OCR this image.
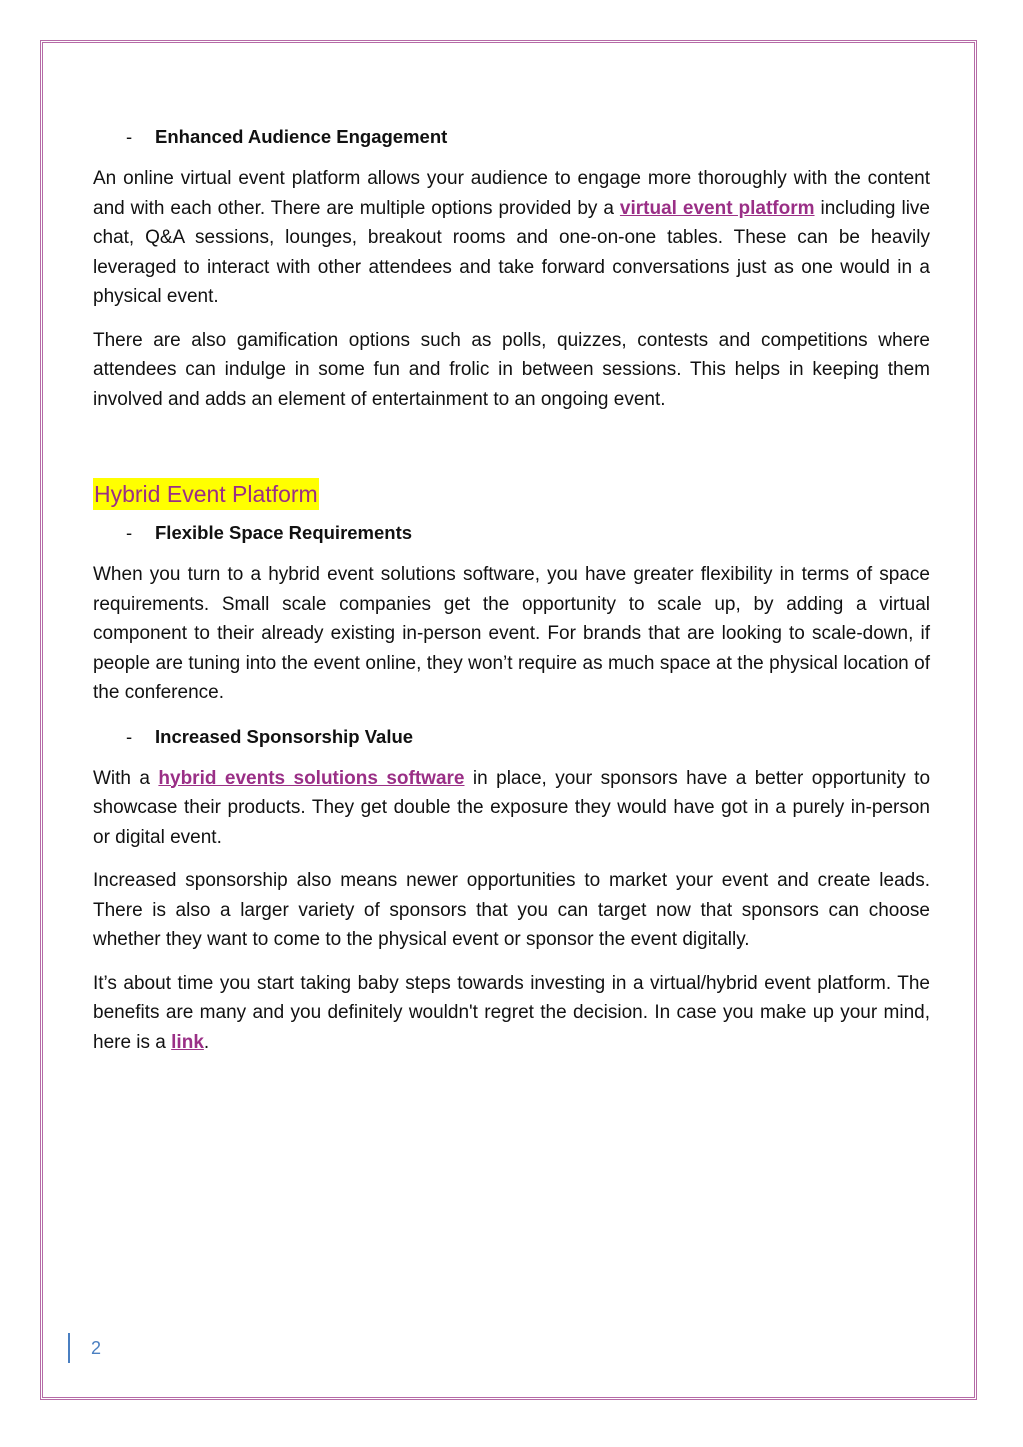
- Enhanced Audience Engagement

An online virtual event platform allows your audience to engage more thoroughly with the content and with each other. There are multiple options provided by a virtual event platform including live chat, Q&A sessions, lounges, breakout rooms and one-on-one tables. These can be heavily leveraged to interact with other attendees and take forward conversations just as one would in a physical event.

There are also gamification options such as polls, quizzes, contests and competitions where attendees can indulge in some fun and frolic in between sessions. This helps in keeping them involved and adds an element of entertainment to an ongoing event.

Hybrid Event Platform
- Flexible Space Requirements

When you turn to a hybrid event solutions software, you have greater flexibility in terms of space requirements. Small scale companies get the opportunity to scale up, by adding a virtual component to their already existing in-person event. For brands that are looking to scale-down, if people are tuning into the event online, they won’t require as much space at the physical location of the conference.

- Increased Sponsorship Value

With a hybrid events solutions software in place, your sponsors have a better opportunity to showcase their products. They get double the exposure they would have got in a purely in-person or digital event.

Increased sponsorship also means newer opportunities to market your event and create leads. There is also a larger variety of sponsors that you can target now that sponsors can choose whether they want to come to the physical event or sponsor the event digitally.

It’s about time you start taking baby steps towards investing in a virtual/hybrid event platform. The benefits are many and you definitely wouldn't regret the decision. In case you make up your mind, here is a link.

2
